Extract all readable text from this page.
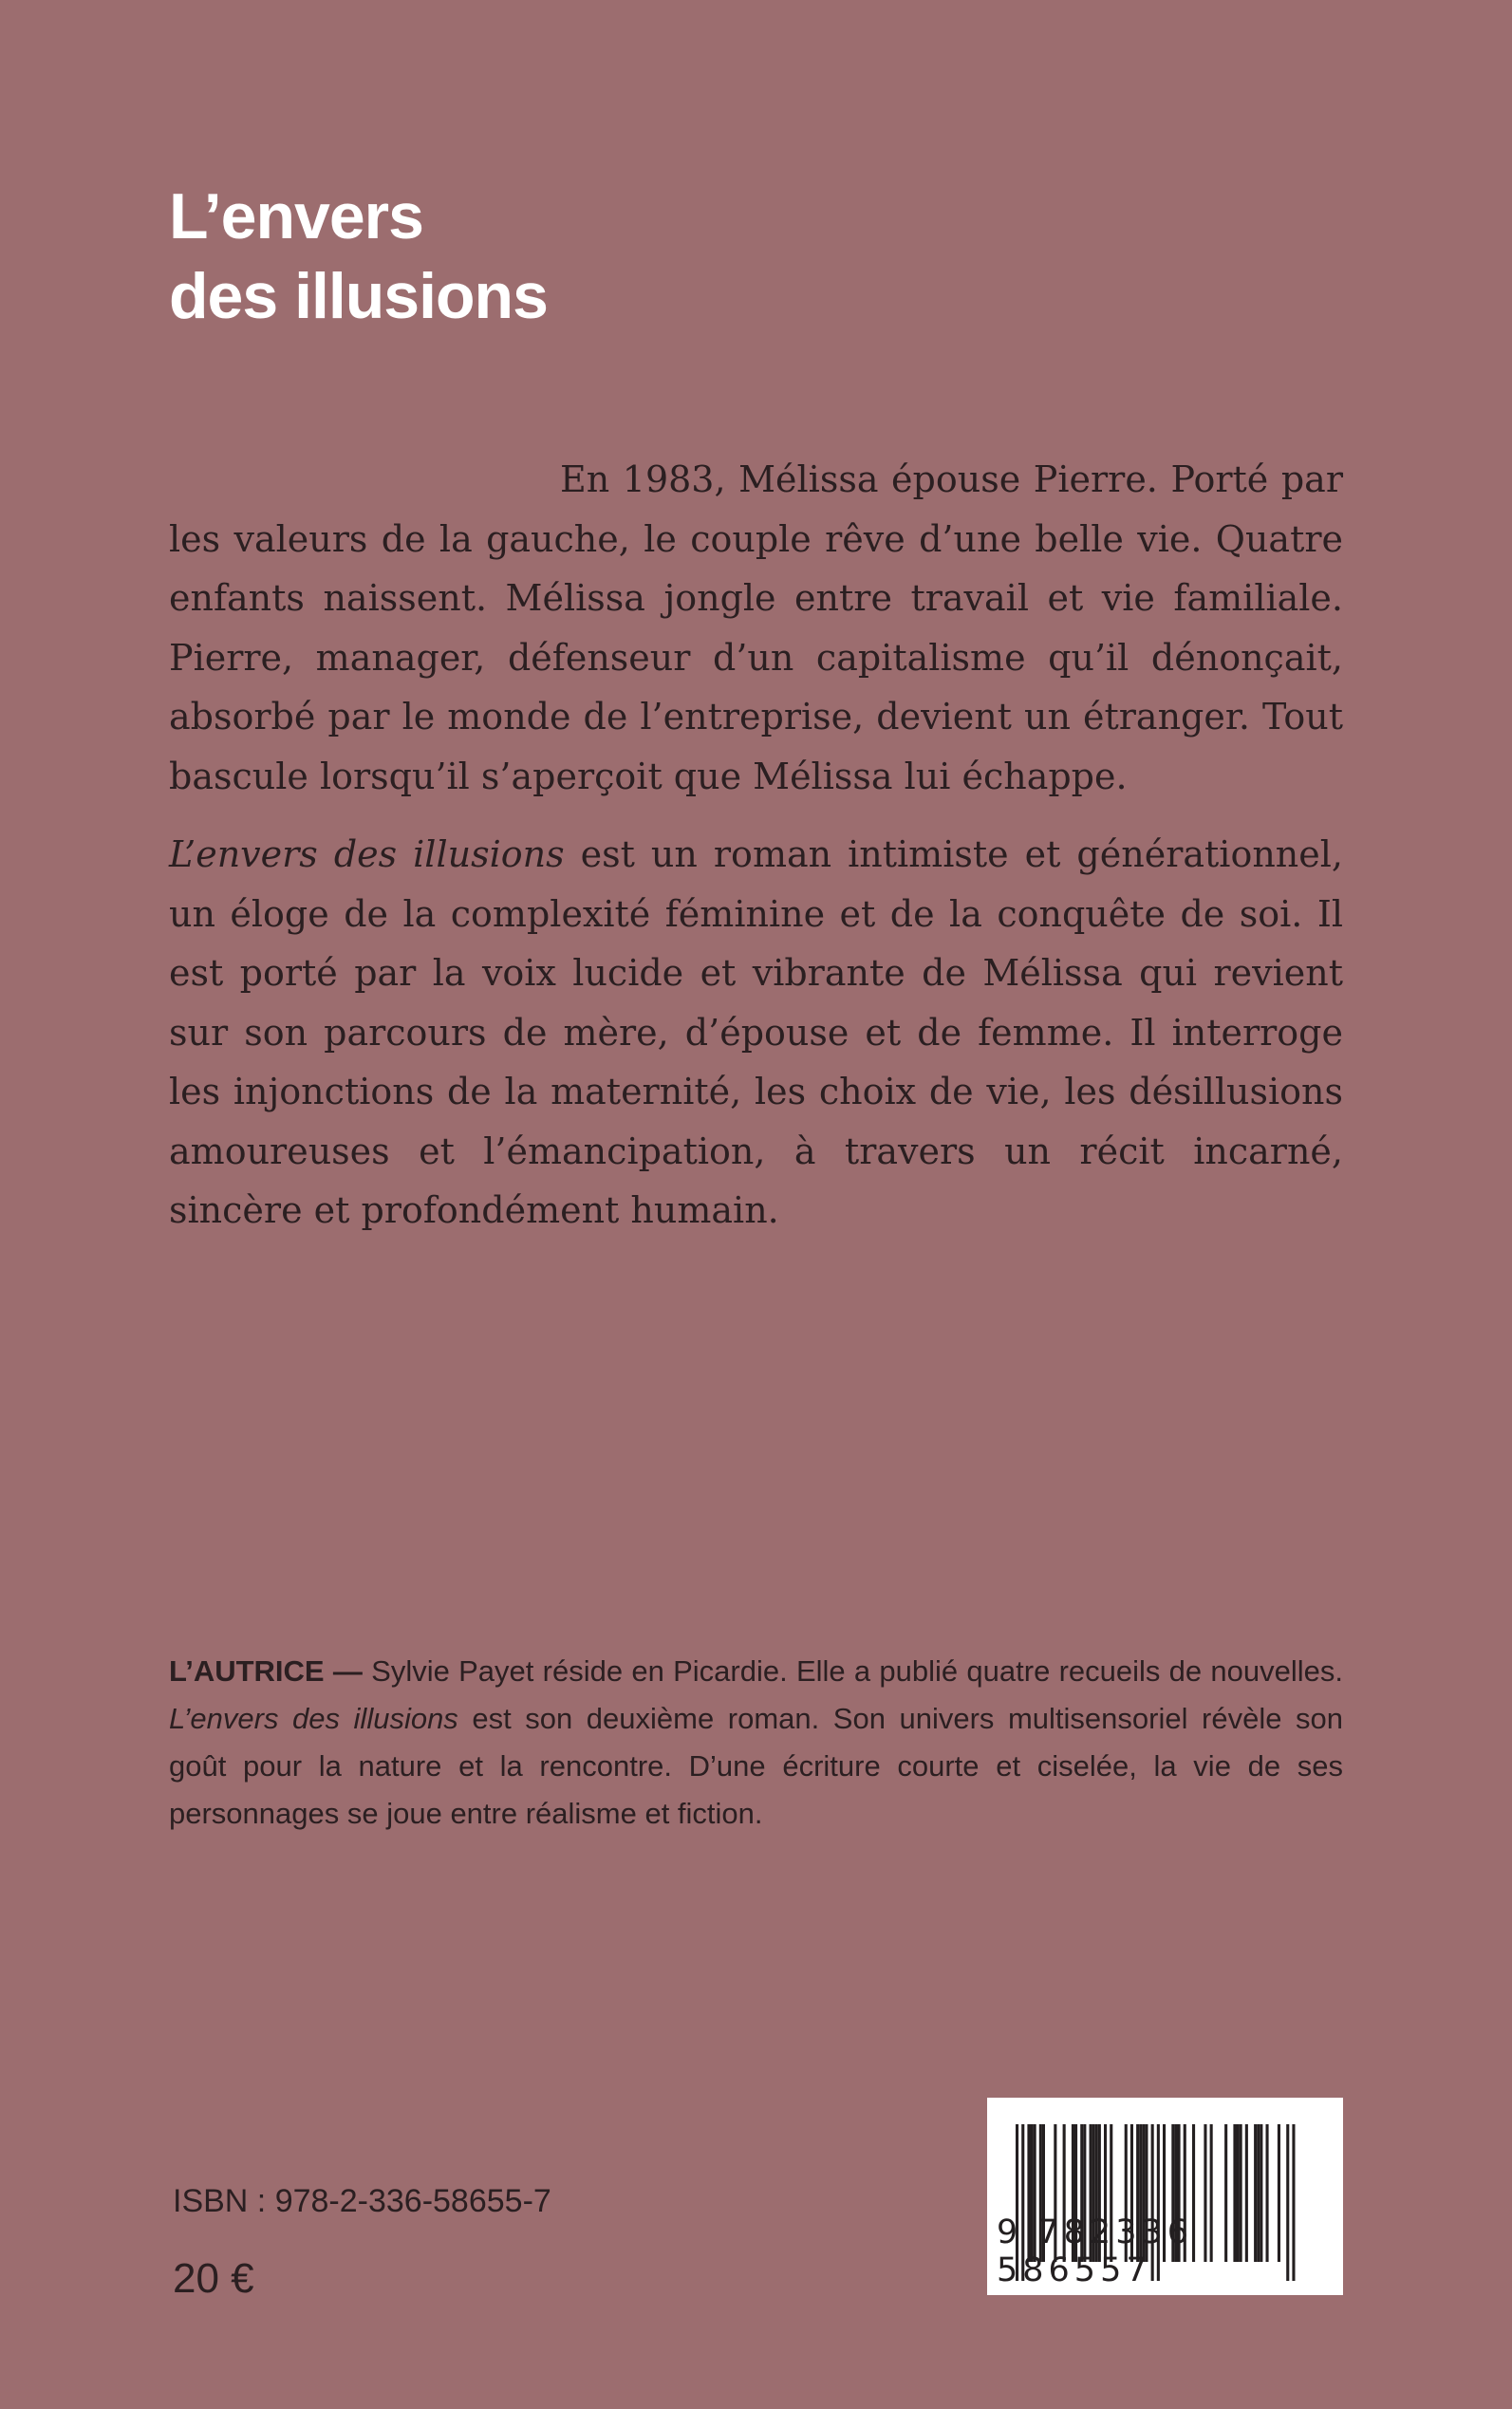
L’envers
des illusions

En 1983, Mélissa épouse Pierre. Porté par les valeurs de la gauche, le couple rêve d’une belle vie. Quatre enfants naissent. Mélissa jongle entre travail et vie familiale. Pierre, manager, défenseur d’un capitalisme qu’il dénonçait, absorbé par le monde de l’entreprise, devient un étranger. Tout bascule lorsqu’il s’aperçoit que Mélissa lui échappe.

L’envers des illusions est un roman intimiste et générationnel, un éloge de la complexité féminine et de la conquête de soi. Il est porté par la voix lucide et vibrante de Mélissa qui revient sur son parcours de mère, d’épouse et de femme. Il interroge les injonctions de la maternité, les choix de vie, les désillusions amoureuses et l’émancipation, à travers un récit incarné, sincère et profondément humain.

L’AUTRICE — Sylvie Payet réside en Picardie. Elle a publié quatre recueils de nouvelles. L’envers des illusions est son deuxième roman. Son univers multisensoriel révèle son goût pour la nature et la rencontre. D’une écriture courte et ciselée, la vie de ses personnages se joue entre réalisme et fiction.
ISBN : 978-2-336-58655-7
20 €
9 782336 586557
